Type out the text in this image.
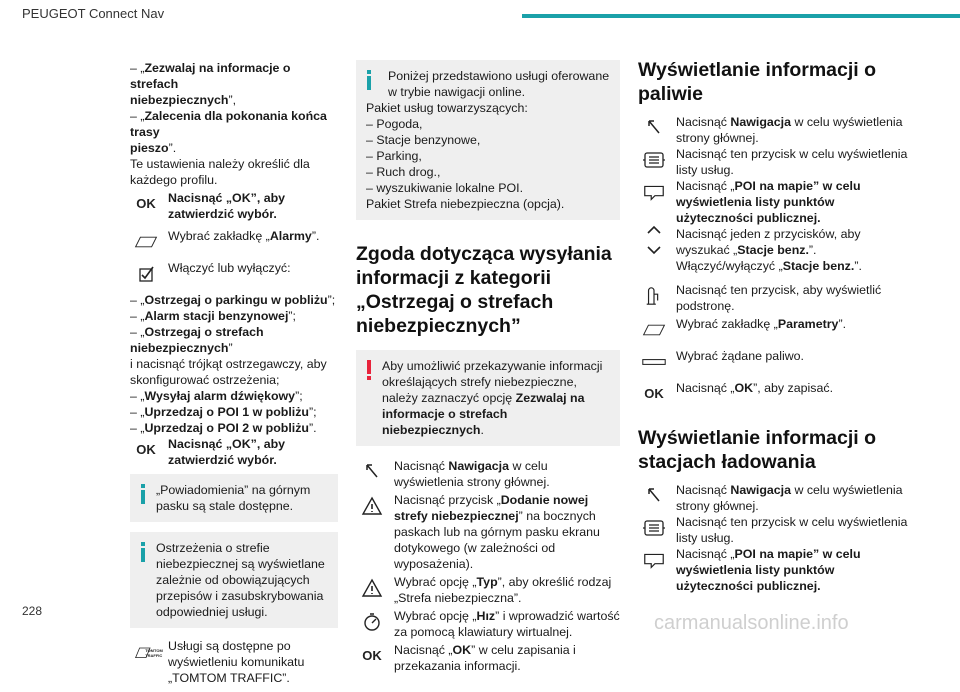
PEUGEOT Connect Nav

– „Zezwalaj na informacje o strefach
niebezpiecznych”,

– „Zalecenia dla pokonania końca trasy
pieszo”.

Te ustawienia należy określić dla każdego profilu.

OK Nacisnąć „OK”, aby zatwierdzić wybór.
Wybrać zakładkę „Alarmy”.
Włączyć lub wyłączyć:

– „Ostrzegaj o parkingu w pobliżu”;

– „Alarm stacji benzynowej”;

– „Ostrzegaj o strefach niebezpiecznych”

i nacisnąć trójkąt ostrzegawczy, aby skonfigurować ostrzeżenia;

– „Wysyłaj alarm dźwiękowy”;

– „Uprzedzaj o POI 1 w pobliżu”;

– „Uprzedzaj o POI 2 w pobliżu”.

OK Nacisnąć „OK”, aby zatwierdzić wybór.
„Powiadomienia” na górnym pasku są stale dostępne.
Ostrzeżenia o strefie niebezpiecznej są wyświetlane zależnie od obowiązujących przepisów i zasubskrybowania odpowiedniej usługi.
TOMTOM
TRAFFIC
Usługi są dostępne po wyświetleniu komunikatu „TOMTOM TRAFFIC”.
Poniżej przedstawiono usługi oferowane w trybie nawigacji online.
Pakiet usług towarzyszących:
– Pogoda,
– Stacje benzynowe,
– Parking,
– Ruch drog.,
– wyszukiwanie lokalne POI.
Pakiet Strefa niebezpieczna (opcja).
Zgoda dotycząca wysyłania informacji z kategorii „Ostrzegaj o strefach niebezpiecznych”
Aby umożliwić przekazywanie informacji określających strefy niebezpieczne, należy zaznaczyć opcję Zezwalaj na informacje o strefach niebezpiecznych.
Nacisnąć Nawigacja w celu wyświetlenia strony głównej.
Nacisnąć przycisk „Dodanie nowej strefy niebezpiecznej” na bocznych paskach lub na górnym pasku ekranu dotykowego (w zależności od wyposażenia).
Wybrać opcję „Typ”, aby określić rodzaj „Strefa niebezpieczna”.
Wybrać opcję „Hız” i wprowadzić wartość za pomocą klawiatury wirtualnej.
OK Nacisnąć „OK” w celu zapisania i przekazania informacji.
Wyświetlanie informacji o paliwie
Nacisnąć Nawigacja w celu wyświetlenia strony głównej.
Nacisnąć ten przycisk w celu wyświetlenia listy usług.
Nacisnąć „POI na mapie” w celu wyświetlenia listy punktów użyteczności publicznej.
Nacisnąć jeden z przycisków, aby wyszukać „Stacje benz.”.
Włączyć/wyłączyć „Stacje benz.”.
Nacisnąć ten przycisk, aby wyświetlić podstronę.
Wybrać zakładkę „Parametry”.
Wybrać żądane paliwo.
OK Nacisnąć „OK”, aby zapisać.
Wyświetlanie informacji o stacjach ładowania
Nacisnąć Nawigacja w celu wyświetlenia strony głównej.
Nacisnąć ten przycisk w celu wyświetlenia listy usług.
Nacisnąć „POI na mapie” w celu wyświetlenia listy punktów użyteczności publicznej.
228
carmanualsonline.info
